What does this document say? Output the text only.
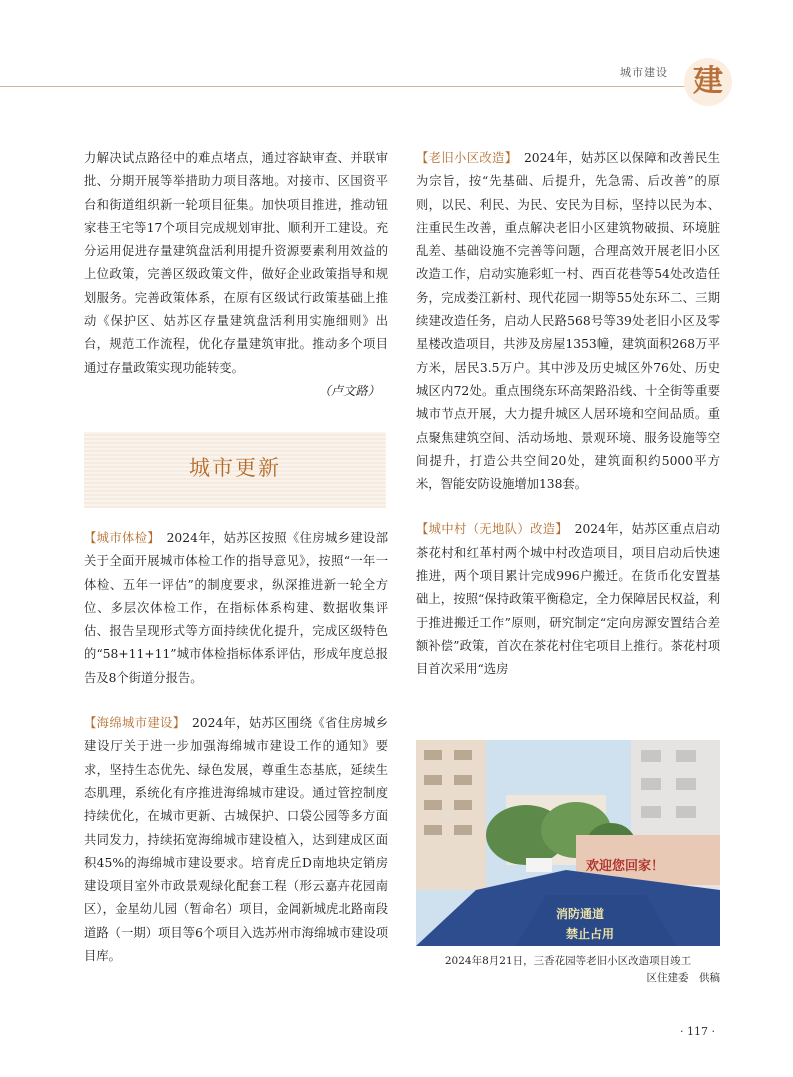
城市建设 建

力解决试点路径中的难点堵点，通过容缺审查、并联审批、分期开展等举措助力项目落地。对接市、区国资平台和街道组织新一轮项目征集。加快项目推进，推动钮家巷王宅等17个项目完成规划审批、顺利开工建设。充分运用促进存量建筑盘活利用提升资源要素利用效益的上位政策，完善区级政策文件，做好企业政策指导和规划服务。完善政策体系，在原有区级试行政策基础上推动《保护区、姑苏区存量建筑盘活利用实施细则》出台，规范工作流程，优化存量建筑审批。推动多个项目通过存量政策实现功能转变。

（卢文路）

城市更新

【城市体检】　 2024年，姑苏区按照《住房城乡建设部关于全面开展城市体检工作的指导意见》，按照“一年一体检、五年一评估”的制度要求，纵深推进新一轮全方位、多层次体检工作，在指标体系构建、数据收集评估、报告呈现形式等方面持续优化提升，完成区级特色的“58+11+11”城市体检指标体系评估，形成年度总报告及8个街道分报告。

【海绵城市建设】　 2024年，姑苏区围绕《省住房城乡建设厅关于进一步加强海绵城市建设工作的通知》要求，坚持生态优先、绿色发展，尊重生态基底，延续生态肌理，系统化有序推进海绵城市建设。通过管控制度持续优化，在城市更新、古城保护、口袋公园等多方面共同发力，持续拓宽海绵城市建设植入，达到建成区面积45%的海绵城市建设要求。培育虎丘D南地块定销房建设项目室外市政景观绿化配套工程（形云嘉卉花园南区），金星幼儿园（暂命名）项目，金阊新城虎北路南段道路（一期）项目等6个项目入选苏州市海绵城市建设项目库。

【老旧小区改造】　 2024年，姑苏区以保障和改善民生为宗旨，按“先基础、后提升，先急需、后改善”的原则，以民、利民、为民、安民为目标，坚持以民为本、注重民生改善，重点解决老旧小区建筑物破损、环境脏乱差、基础设施不完善等问题，合理高效开展老旧小区改造工作，启动实施彩虹一村、西百花巷等54处改造任务，完成娄江新村、现代花园一期等55处东环二、三期续建改造任务，启动人民路568号等39处老旧小区及零星楼改造项目，共涉及房屋1353幢，建筑面积268万平方米，居民3.5万户。其中涉及历史城区外76处、历史城区内72处。重点围绕东环高架路沿线、十全街等重要城市节点开展，大力提升城区人居环境和空间品质。重点聚焦建筑空间、活动场地、景观环境、服务设施等空间提升，打造公共空间20处，建筑面积约5000平方米，智能安防设施增加138套。

【城中村（无地队）改造】　 2024年，姑苏区重点启动茶花村和红革村两个城中村改造项目，项目启动后快速推进，两个项目累计完成996户搬迁。在货币化安置基础上，按照“保持政策平衡稳定，全力保障居民权益，利于推进搬迁工作”原则，研究制定“定向房源安置结合差额补偿”政策，首次在茶花村住宅项目上推行。茶花村项目首次采用“选房

欢迎您回家！
消防通道
禁止占用
2024年8月21日，三香花园等老旧小区改造项目竣工
区住建委　供稿
· 117 ·
